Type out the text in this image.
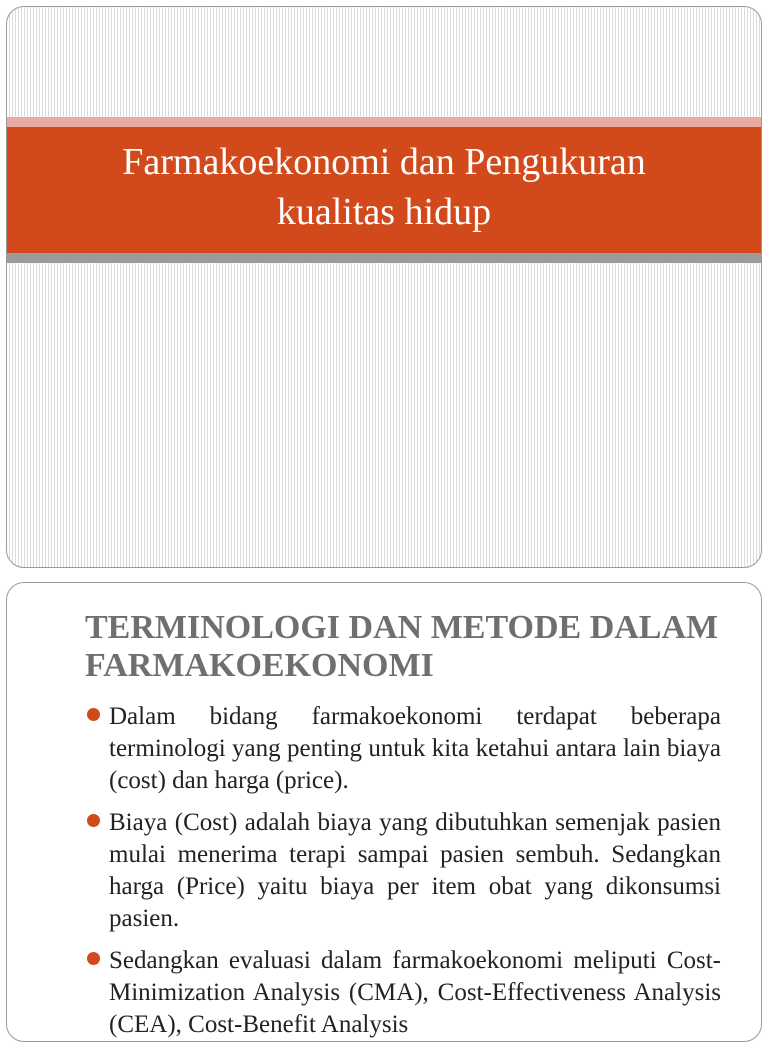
Farmakoekonomi dan Pengukuran kualitas hidup
TERMINOLOGI DAN METODE DALAM FARMAKOEKONOMI
Dalam bidang farmakoekonomi terdapat beberapa terminologi yang penting untuk kita ketahui antara lain biaya (cost) dan harga (price).
Biaya (Cost) adalah biaya yang dibutuhkan semenjak pasien mulai menerima terapi sampai pasien sembuh. Sedangkan harga (Price) yaitu biaya per item obat yang dikonsumsi pasien.
Sedangkan evaluasi dalam farmakoekonomi meliputi Cost-Minimization Analysis (CMA), Cost-Effectiveness Analysis (CEA), Cost-Benefit Analysis
